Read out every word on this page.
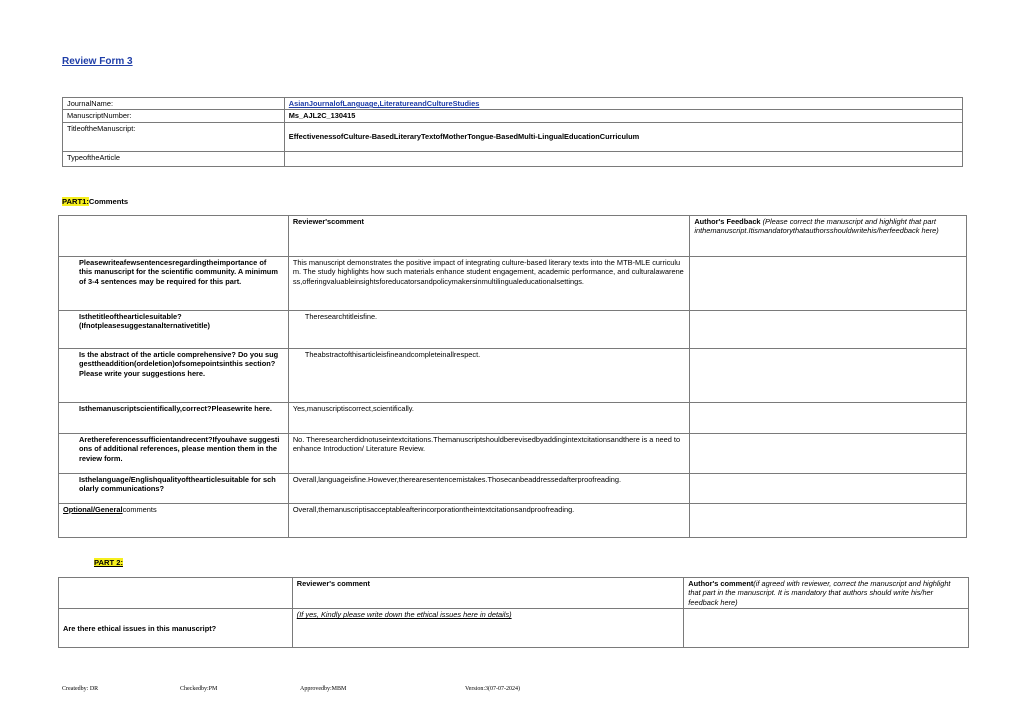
Review Form 3
JournalName:	AsianJournalofLanguage,LiteratureandCultureStudies
ManuscriptNumber:	Ms_AJL2C_130415
TitleoftheManuscript:	EffectivenessofCulture-BasedLiteraryTextofMotherTongue-BasedMulti-LingualEducationCurriculum
TypeoftheArticle	
PART1:Comments
	Reviewer'scomment	Author's Feedback (Please correct the manuscript and highlight that part inthemanuscript.Itismandatorythatauthorsshouldwritehis/herfeedback here)
Pleasewriteafewsentencesregardingtheimportance of this manuscript for the scientific community. A minimum of 3-4 sentences may be required for this part.	This manuscript demonstrates the positive impact of integrating culture-based literary texts into the MTB-MLE curriculum. The study highlights how such materials enhance student engagement, academic performance, and culturalawareness,offeringvaluableinsightsforeducatorsandpolicymakersinmultilingualeducationalsettings.	
Isthetitleofthearticlesuitable? (Ifnotpleasesuggestanalternativetitle)	Theresearchtitleisfine.	
Is the abstract of the article comprehensive? Do you suggesttheaddition(ordeletion)ofsomepointsinthis section? Please write your suggestions here.	Theabstractofthisarticleisfineandcompleteinallrespect.	
Isthemanuscriptscientifically,correct?Pleasewrite here.	Yes,manuscriptiscorrect,scientifically.	
Arethereferencessufficientandrecent?Ifyouhave suggestions of additional references, please mention them in the review form.	No. Theresearcherdidnotuseintextcitations.Themanuscriptshouldberevisedbyaddingintextcitationsandthere is a need to enhance Introduction/ Literature Review.	
Isthelanguage/Englishqualityofthearticlesuitable for scholarly communications?	Overall,languageisfine.However,therearesentencemistakes.Thosecanbeaddressedafterproofreading.	
Optional/Generalcomments	Overall,themanuscriptisacceptableafterincorporationtheintextcitationsandproofreading.	
PART 2:
	Reviewer's comment	Author's comment(if agreed with reviewer, correct the manuscript and highlight that part in the manuscript. It is mandatory that authors should write his/her feedback here)
Are there ethical issues in this manuscript?	(If yes, Kindly please write down the ethical issues here in details)	
Createdby: DR	Checkedby:PM	Approvedby:MBM	Version:3(07-07-2024)
